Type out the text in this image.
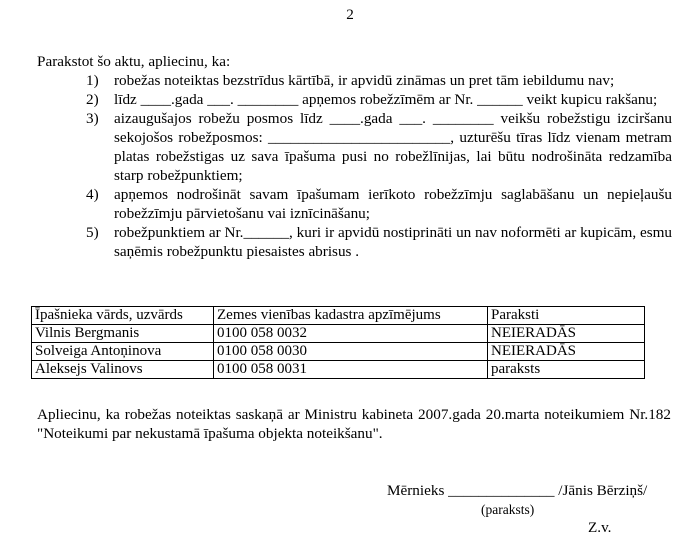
2
Parakstot šo aktu, apliecinu, ka:
1) robežas noteiktas bezstrīdus kārtībā, ir apvidū zināmas un pret tām iebildumu nav;
2) līdz ____.gada ___. ________ apņemos robežzīmēm ar Nr. ______ veikt kupicu rakšanu;
3) aizaugušajos robežu posmos līdz ____.gada ___. ________ veikšu robežstigu izciršanu sekojošos robežposmos: ________________________, uzturēšu tīras līdz vienam metram platas robežstigas uz sava īpašuma pusi no robežlīnijas, lai būtu nodrošināta redzamība starp robežpunktiem;
4) apņemos nodrošināt savam īpašumam ierīkoto robežzīmju saglabāšanu un nepieļaušu robežzīmju pārvietošanu vai iznīcināšanu;
5) robežpunktiem ar Nr.______, kuri ir apvidū nostiprināti un nav noformēti ar kupicām, esmu saņēmis robežpunktu piesaistes abrisus .
Īpašnieka vārds, uzvārds	Zemes vienības kadastra apzīmējums	Paraksti
Vilnis Bergmanis	0100 058 0032	NEIERADĀS
Solveiga Antoņinova	0100 058 0030	NEIERADĀS
Aleksejs Valinovs	0100 058 0031	paraksts
Apliecinu, ka robežas noteiktas saskaņā ar Ministru kabineta 2007.gada 20.marta noteikumiem Nr.182 "Noteikumi par nekustamā īpašuma objekta noteikšanu".
Mērnieks ______________ /Jānis Bērziņš/
(paraksts)
Z.v.
